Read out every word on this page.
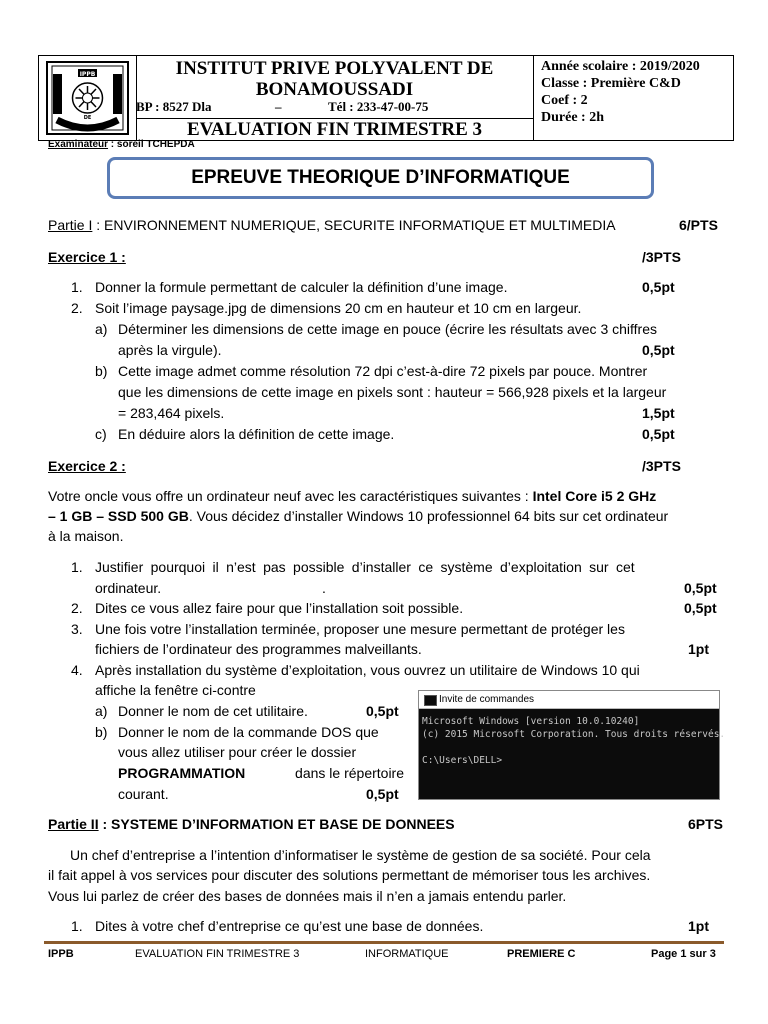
IPPB
DE
INSTITUT PRIVE POLYVALENT DE BONAMOUSSADI
BP : 8527 Dla	–	Tél : 233-47-00-75
EVALUATION FIN TRIMESTRE 3
Année scolaire : 2019/2020
Classe : Première C&D
Coef : 2
Durée : 2h
Examinateur : soreil TCHEPDA
EPREUVE THEORIQUE D’INFORMATIQUE
Partie I : ENVIRONNEMENT NUMERIQUE, SECURITE INFORMATIQUE ET MULTIMEDIA	6/PTS
Exercice 1 :	/3PTS
1. Donner la formule permettant de calculer la définition d’une image.	0,5pt
2. Soit l’image paysage.jpg de dimensions 20 cm en hauteur et 10 cm en largeur.
a) Déterminer les dimensions de cette image en pouce (écrire les résultats avec 3 chiffres
après la virgule).	0,5pt
b) Cette image admet comme résolution 72 dpi c’est-à-dire 72 pixels par pouce. Montrer
que les dimensions de cette image en pixels sont : hauteur = 566,928 pixels et la largeur
= 283,464 pixels.	1,5pt
c) En déduire alors la définition de cette image.	0,5pt
Exercice 2 :	/3PTS
Votre oncle vous offre un ordinateur neuf avec les caractéristiques suivantes : Intel Core i5 2 GHz
– 1 GB – SSD 500 GB. Vous décidez d’installer Windows 10 professionnel 64 bits sur cet ordinateur
à la maison.
1. Justifier pourquoi il n’est pas possible d’installer ce système d’exploitation sur cet
ordinateur.	.	0,5pt
2. Dites ce vous allez faire pour que l’installation soit possible.	0,5pt
3. Une fois votre l’installation terminée, proposer une mesure permettant de protéger les
fichiers de l’ordinateur des programmes malveillants.	1pt
4. Après installation du système d’exploitation, vous ouvrez un utilitaire de Windows 10 qui
affiche la fenêtre ci-contre
a) Donner le nom de cet utilitaire.	0,5pt
b) Donner le nom de la commande DOS que
vous allez utiliser pour créer le dossier
PROGRAMMATION	dans le répertoire
courant.	0,5pt
Invite de commandes
Microsoft Windows [version 10.0.10240]
(c) 2015 Microsoft Corporation. Tous droits réservés.
C:\Users\DELL>
Partie II : SYSTEME D’INFORMATION ET BASE DE DONNEES	6PTS
Un chef d’entreprise a l’intention d’informatiser le système de gestion de sa société. Pour cela
il fait appel à vos services pour discuter des solutions permettant de mémoriser tous les archives.
Vous lui parlez de créer des bases de données mais il n’en a jamais entendu parler.
1. Dites à votre chef d’entreprise ce qu’est une base de données.	1pt
IPPB	EVALUATION FIN TRIMESTRE 3	INFORMATIQUE	PREMIERE C	Page 1 sur 3
